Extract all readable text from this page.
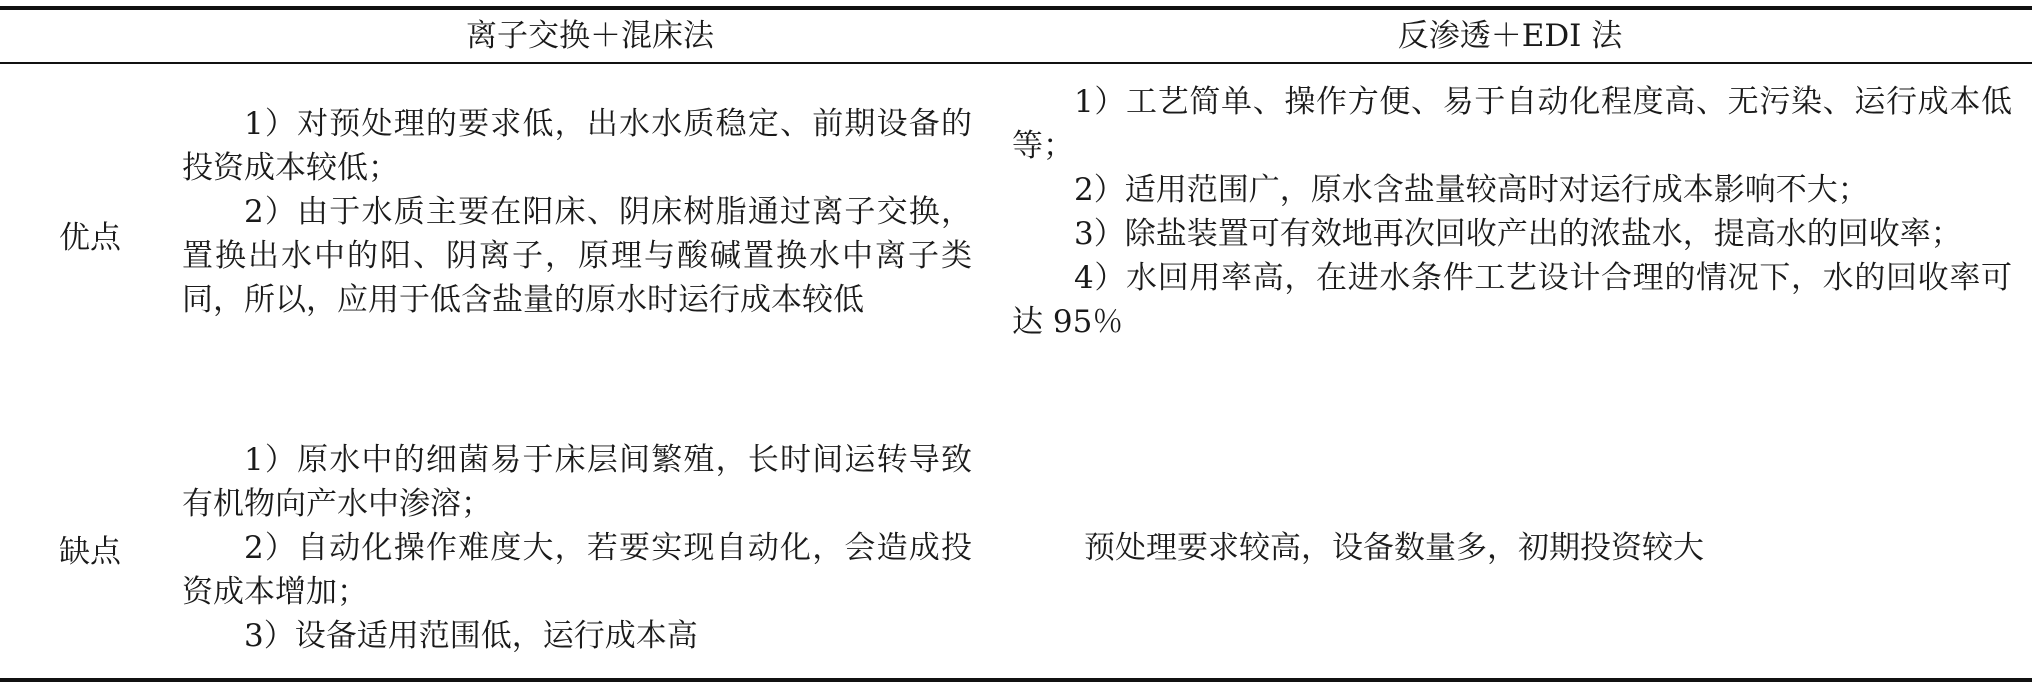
离子交换＋混床法	反渗透＋EDI 法
优点

1）对预处理的要求低，出水水质稳定、前期设备的投资成本较低；

2）由于水质主要在阳床、阴床树脂通过离子交换，置换出水中的阳、阴离子，原理与酸碱置换水中离子类同，所以，应用于低含盐量的原水时运行成本较低

1）工艺简单、操作方便、易于自动化程度高、无污染、运行成本低等；

2）适用范围广，原水含盐量较高时对运行成本影响不大；

3）除盐装置可有效地再次回收产出的浓盐水，提高水的回收率；

4）水回用率高，在进水条件工艺设计合理的情况下，水的回收率可达 95％

缺点

1）原水中的细菌易于床层间繁殖，长时间运转导致有机物向产水中渗溶；

2）自动化操作难度大，若要实现自动化，会造成投资成本增加；

3）设备适用范围低，运行成本高

预处理要求较高，设备数量多，初期投资较大
